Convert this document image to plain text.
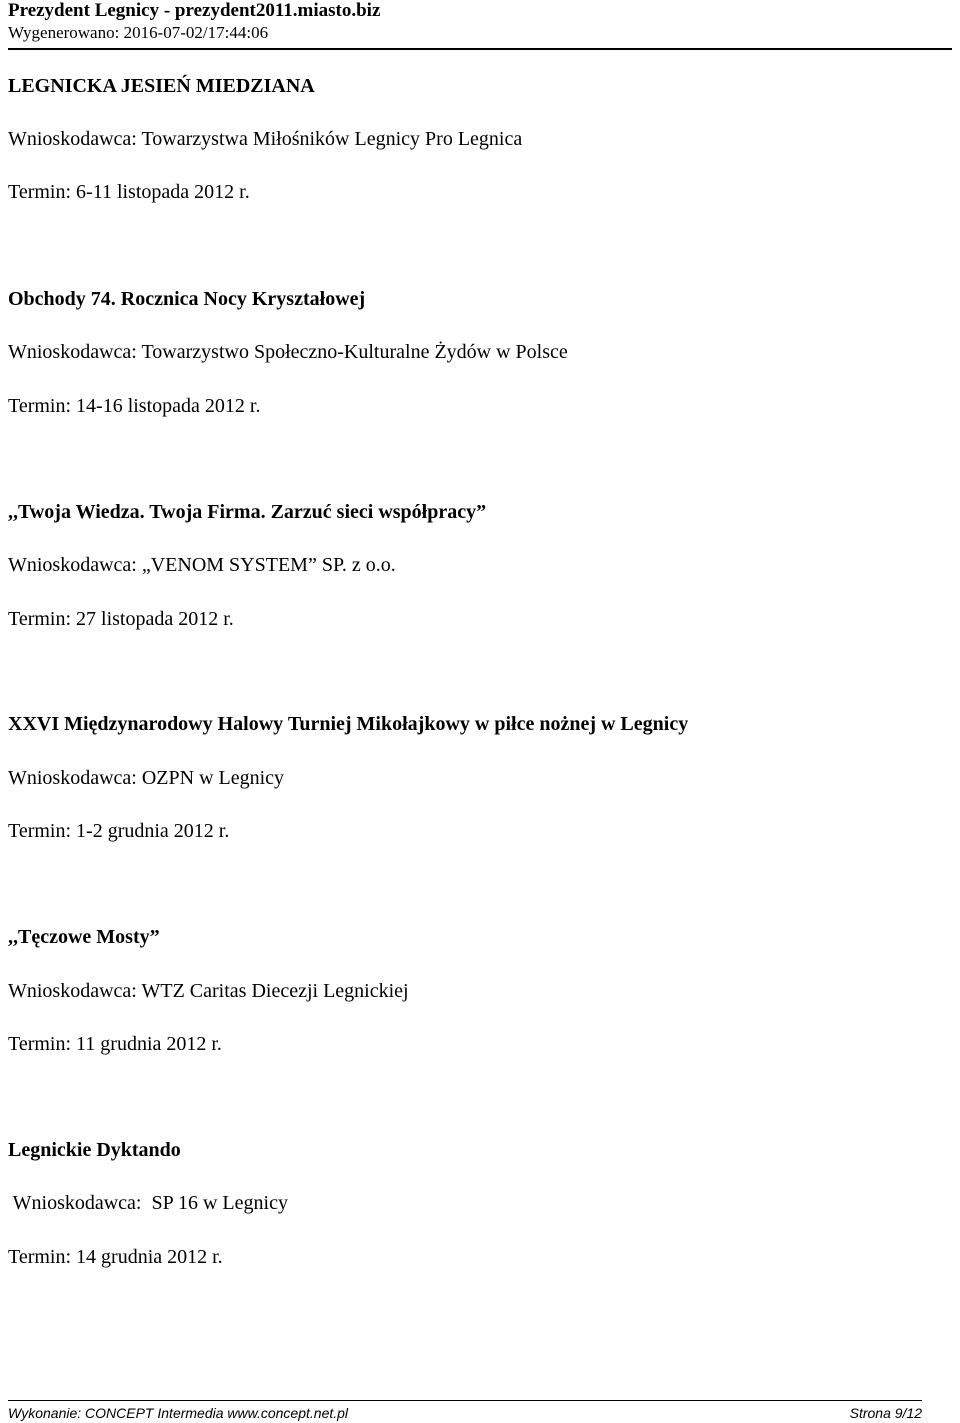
Prezydent Legnicy - prezydent2011.miasto.biz
Wygenerowano: 2016-07-02/17:44:06
LEGNICKA JESIEŃ MIEDZIANA
Wnioskodawca: Towarzystwa Miłośników Legnicy Pro Legnica
Termin: 6-11 listopada 2012 r.
Obchody 74. Rocznica Nocy Kryształowej
Wnioskodawca: Towarzystwo Społeczno-Kulturalne Żydów w Polsce
Termin: 14-16 listopada 2012 r.
,,Twoja Wiedza. Twoja Firma. Zarzuć sieci współpracy”
Wnioskodawca: „VENOM SYSTEM” SP. z o.o.
Termin: 27 listopada 2012 r.
XXVI Międzynarodowy Halowy Turniej Mikołajkowy w piłce nożnej w Legnicy
Wnioskodawca: OZPN w Legnicy
Termin: 1-2 grudnia 2012 r.
,,Tęczowe Mosty”
Wnioskodawca: WTZ Caritas Diecezji Legnickiej
Termin: 11 grudnia 2012 r.
Legnickie Dyktando
Wnioskodawca:  SP 16 w Legnicy
Termin: 14 grudnia 2012 r.
Wykonanie: CONCEPT Intermedia www.concept.net.pl	Strona 9/12
